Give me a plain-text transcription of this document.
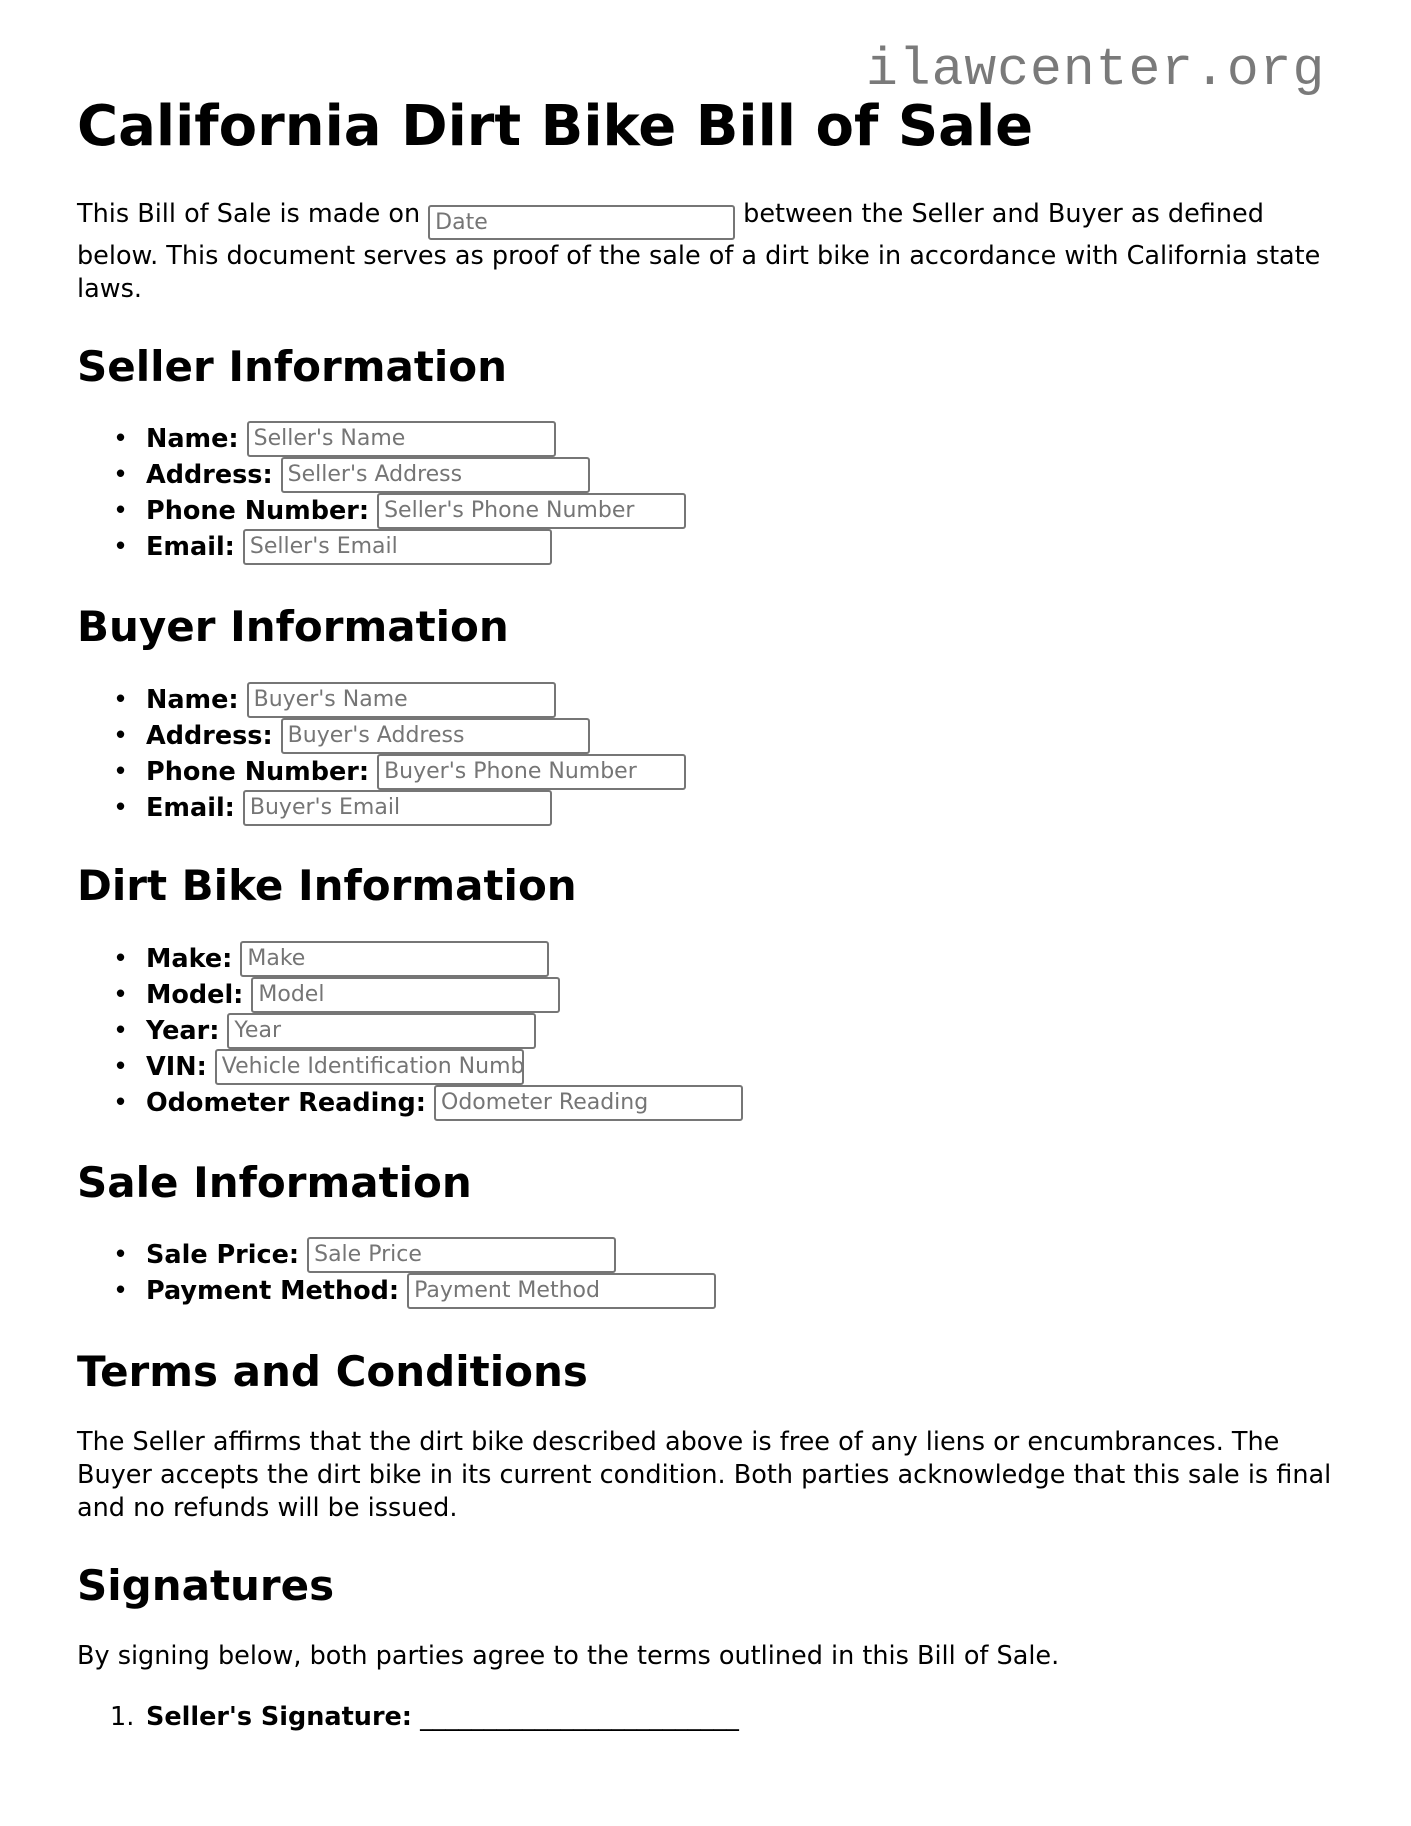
ilawcenter.org
California Dirt Bike Bill of Sale

This Bill of Sale is made onDate	between the Seller and Buyer as defined below. This document serves as proof of the sale of a dirt bike in accordance with California state laws.

Seller Information
• Name:Seller's Name
• Address:Seller's Address
• Phone Number:Seller's Phone Number
• Email:Seller's Email
Buyer Information
• Name:Buyer's Name
• Address:Buyer's Address
• Phone Number:Buyer's Phone Number
• Email:Buyer's Email
Dirt Bike Information
• Make:Make
• Model:Model
• Year:Year
• VIN:Vehicle Identification Number
• Odometer Reading:Odometer Reading
Sale Information
• Sale Price:Sale Price
• Payment Method:Payment Method
Terms and Conditions

The Seller affirms that the dirt bike described above is free of any liens or encumbrances. The Buyer accepts the dirt bike in its current condition. Both parties acknowledge that this sale is final and no refunds will be issued.

Signatures

By signing below, both parties agree to the terms outlined in this Bill of Sale.

1. Seller's Signature: _________________________
